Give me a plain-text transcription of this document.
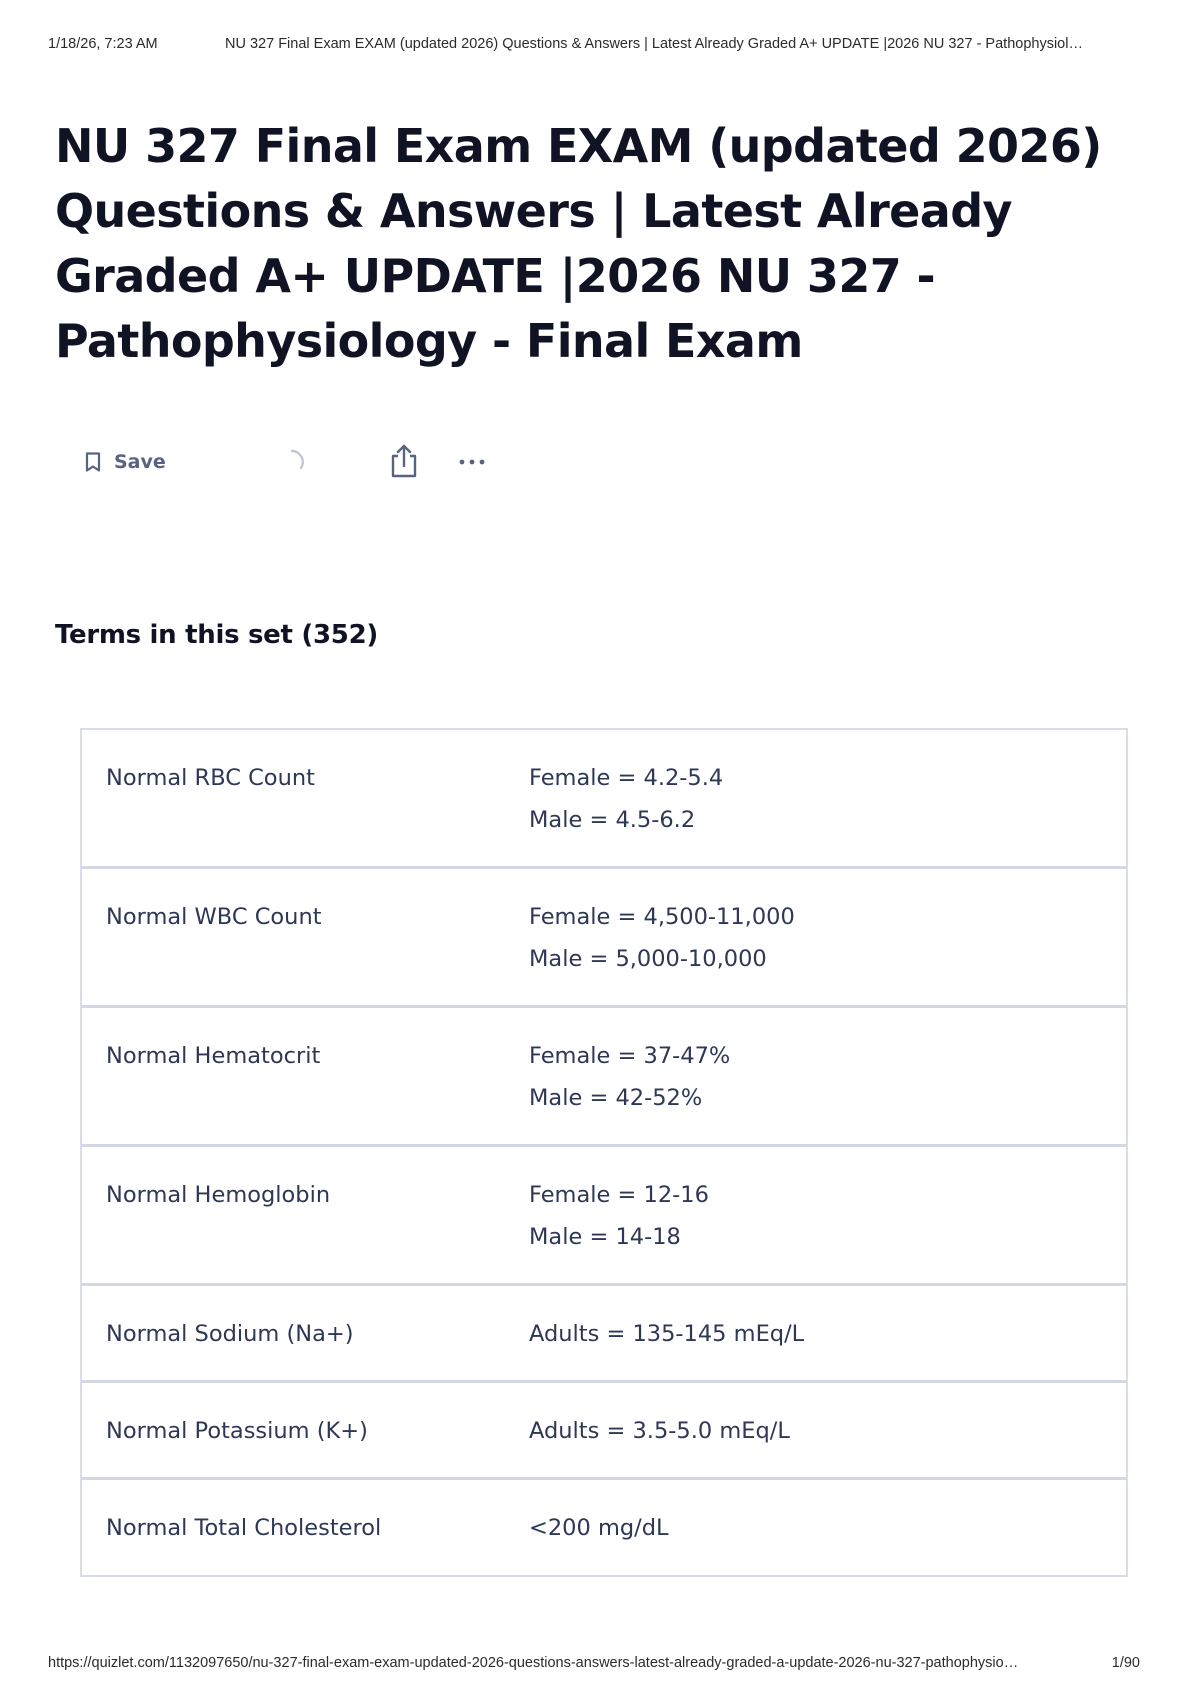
1/18/26, 7:23 AM	NU 327 Final Exam EXAM (updated 2026) Questions & Answers | Latest Already Graded A+ UPDATE |2026 NU 327 - Pathophysiol…
NU 327 Final Exam EXAM (updated 2026) Questions & Answers | Latest Already Graded A+ UPDATE |2026 NU 327 - Pathophysiology - Final Exam
Save
Terms in this set (352)
Normal RBC Count	Female = 4.2-5.4
Male = 4.5-6.2
Normal WBC Count	Female = 4,500-11,000
Male = 5,000-10,000
Normal Hematocrit	Female = 37-47%
Male = 42-52%
Normal Hemoglobin	Female = 12-16
Male = 14-18
Normal Sodium (Na+)	Adults = 135-145 mEq/L
Normal Potassium (K+)	Adults = 3.5-5.0 mEq/L
Normal Total Cholesterol	<200 mg/dL
https://quizlet.com/1132097650/nu-327-final-exam-exam-updated-2026-questions-answers-latest-already-graded-a-update-2026-nu-327-pathophysio…	1/90
